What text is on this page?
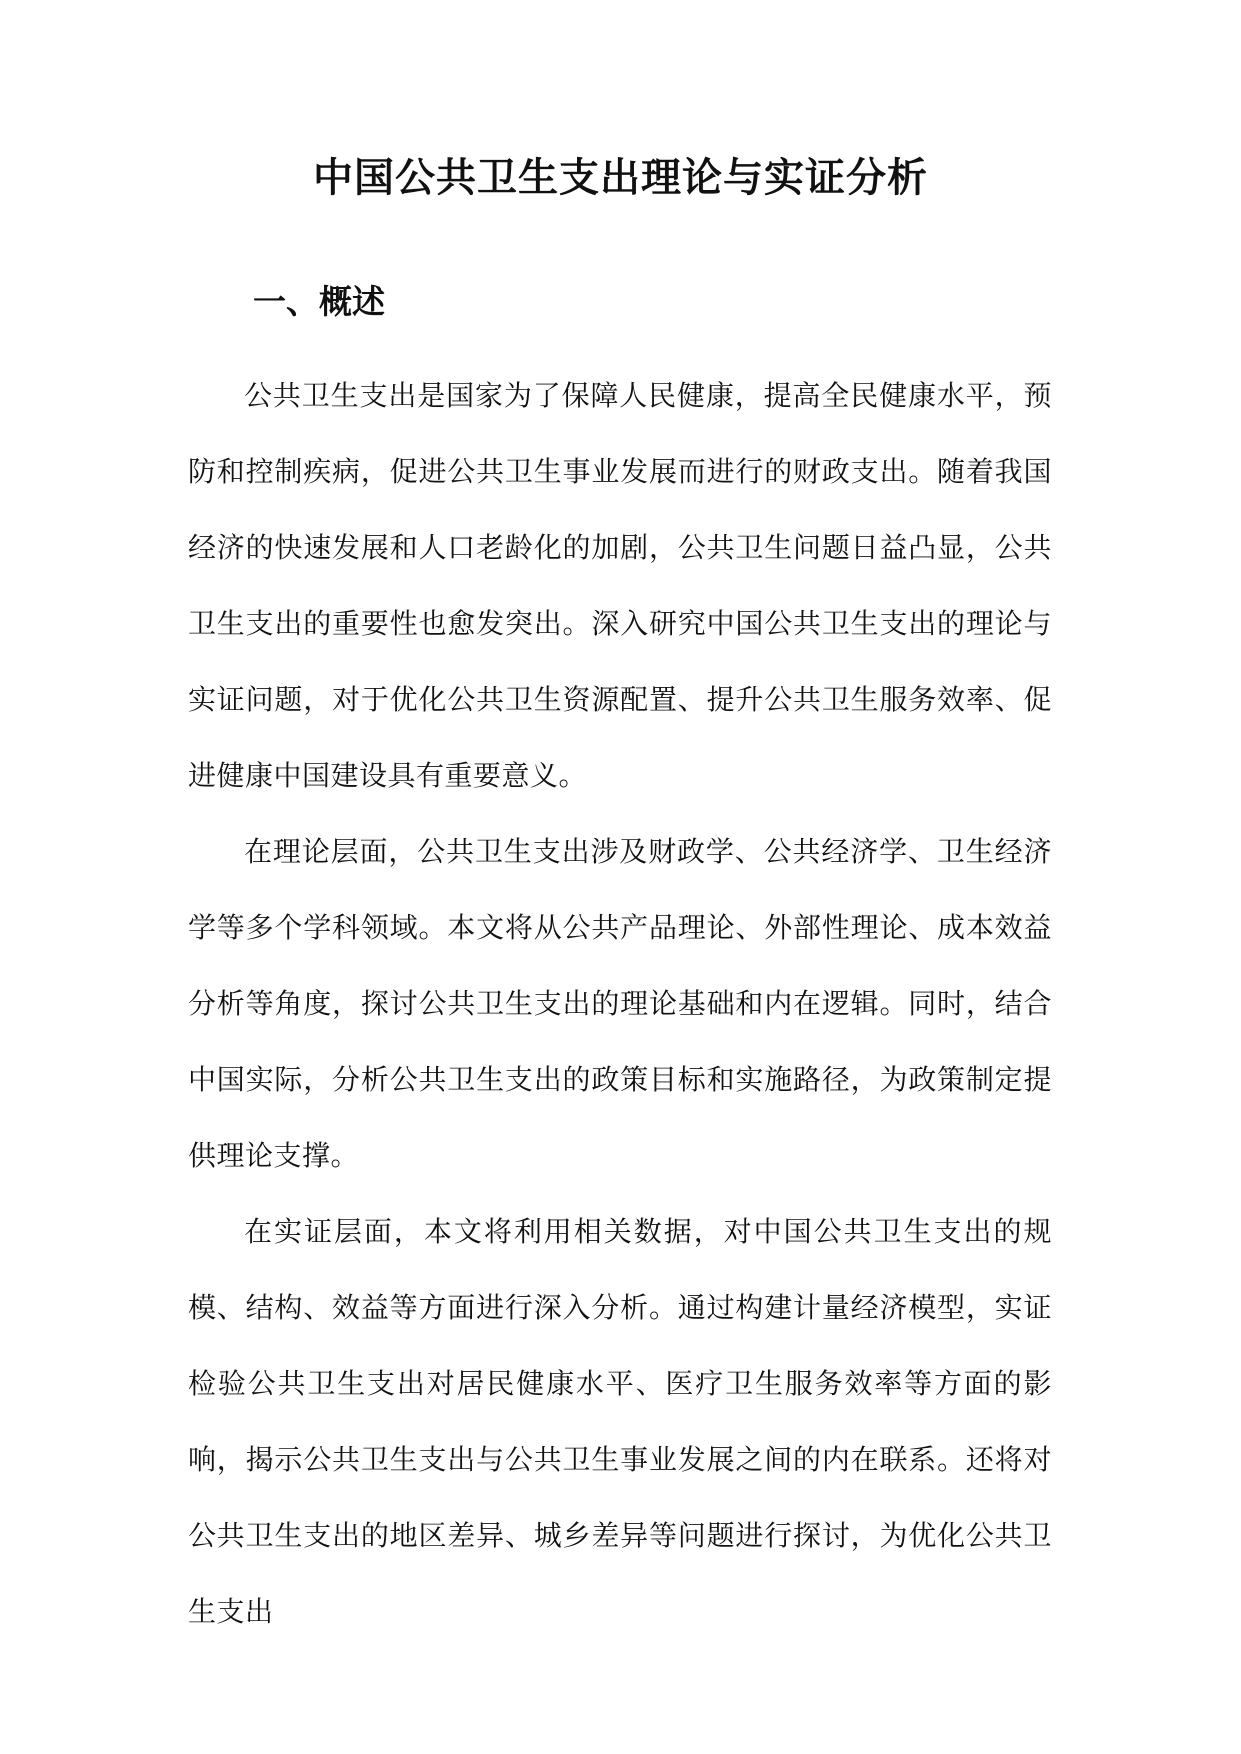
中国公共卫生支出理论与实证分析
一、概述

公共卫生支出是国家为了保障人民健康，提高全民健康水平，预防和控制疾病，促进公共卫生事业发展而进行的财政支出。随着我国经济的快速发展和人口老龄化的加剧，公共卫生问题日益凸显，公共卫生支出的重要性也愈发突出。深入研究中国公共卫生支出的理论与实证问题，对于优化公共卫生资源配置、提升公共卫生服务效率、促进健康中国建设具有重要意义。

在理论层面，公共卫生支出涉及财政学、公共经济学、卫生经济学等多个学科领域。本文将从公共产品理论、外部性理论、成本效益分析等角度，探讨公共卫生支出的理论基础和内在逻辑。同时，结合中国实际，分析公共卫生支出的政策目标和实施路径，为政策制定提供理论支撑。

在实证层面，本文将利用相关数据，对中国公共卫生支出的规模、结构、效益等方面进行深入分析。通过构建计量经济模型，实证检验公共卫生支出对居民健康水平、医疗卫生服务效率等方面的影响，揭示公共卫生支出与公共卫生事业发展之间的内在联系。还将对公共卫生支出的地区差异、城乡差异等问题进行探讨，为优化公共卫生支出
